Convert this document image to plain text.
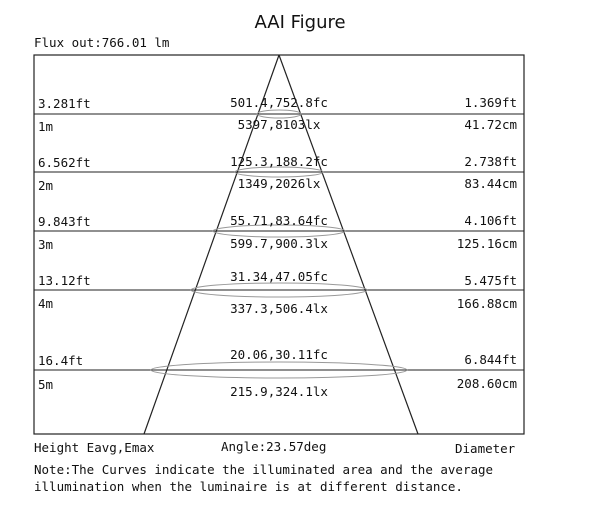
AAI Figure
Flux out:766.01 lm
3.281ft
1m
501.4,752.8fc
5397,8103lx
1.369ft
41.72cm
6.562ft
2m
125.3,188.2fc
1349,2026lx
2.738ft
83.44cm
9.843ft
3m
55.71,83.64fc
599.7,900.3lx
4.106ft
125.16cm
13.12ft
4m
31.34,47.05fc
337.3,506.4lx
5.475ft
166.88cm
16.4ft
5m
20.06,30.11fc
215.9,324.1lx
6.844ft
208.60cm
Height Eavg,Emax	Angle:23.57deg	Diameter
Note:The Curves indicate the illuminated area and the average
illumination when the luminaire is at different distance.
